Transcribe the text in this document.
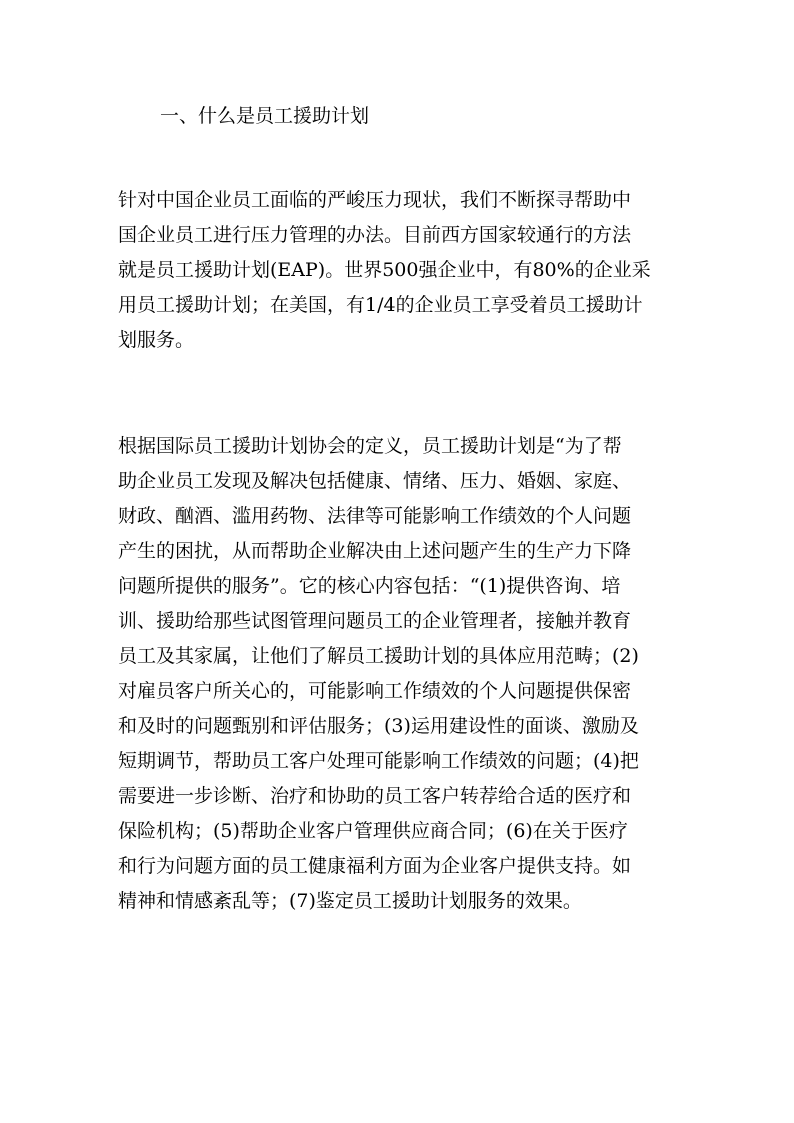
一、什么是员工援助计划
针对中国企业员工面临的严峻压力现状，我们不断探寻帮助中
国企业员工进行压力管理的办法。目前西方国家较通行的方法
就是员工援助计划(EAP)。世界500强企业中，有80%的企业采
用员工援助计划；在美国，有1/4的企业员工享受着员工援助计
划服务。
根据国际员工援助计划协会的定义，员工援助计划是“为了帮
助企业员工发现及解决包括健康、情绪、压力、婚姻、家庭、
财政、酗酒、滥用药物、法律等可能影响工作绩效的个人问题
产生的困扰，从而帮助企业解决由上述问题产生的生产力下降
问题所提供的服务”。它的核心内容包括：“(1)提供咨询、培
训、援助给那些试图管理问题员工的企业管理者，接触并教育
员工及其家属，让他们了解员工援助计划的具体应用范畴；(2)
对雇员客户所关心的，可能影响工作绩效的个人问题提供保密
和及时的问题甄别和评估服务；(3)运用建设性的面谈、激励及
短期调节，帮助员工客户处理可能影响工作绩效的问题；(4)把
需要进一步诊断、治疗和协助的员工客户转荐给合适的医疗和
保险机构；(5)帮助企业客户管理供应商合同；(6)在关于医疗
和行为问题方面的员工健康福利方面为企业客户提供支持。如
精神和情感紊乱等；(7)鉴定员工援助计划服务的效果。
